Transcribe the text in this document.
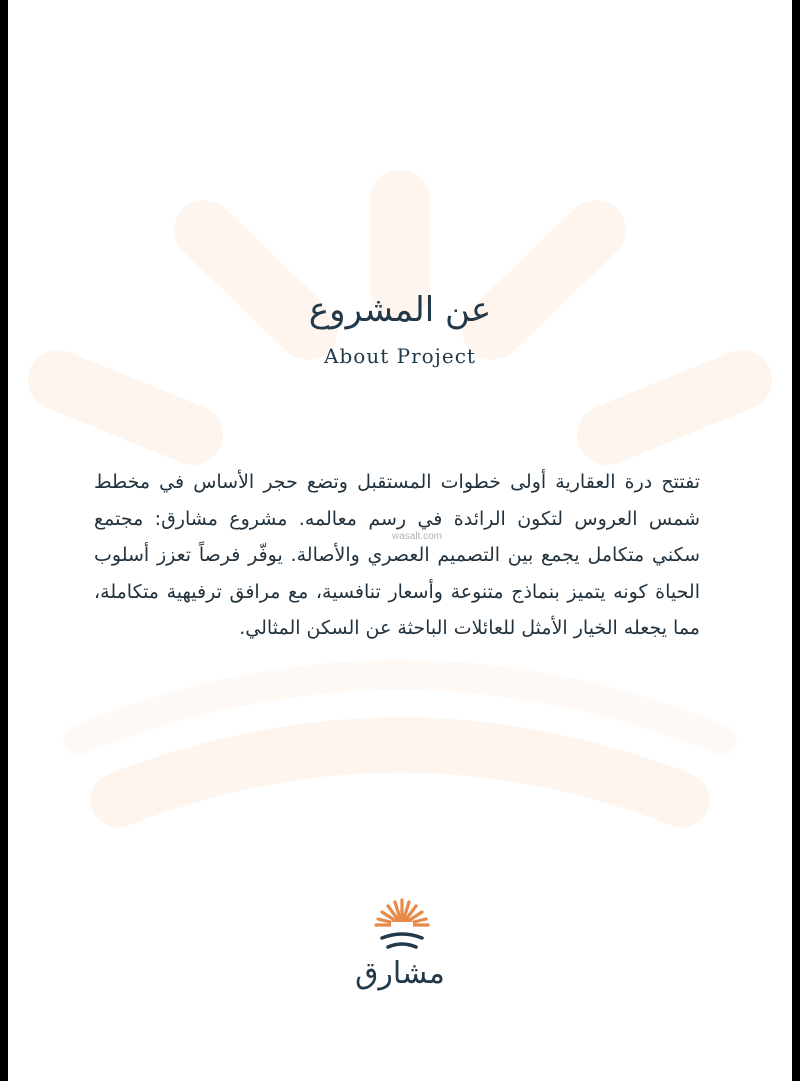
عن المشروع
About Project
تفتتح درة العقارية أولى خطوات المستقبل وتضع حجر الأساس في مخطط شمس العروس لتكون الرائدة في رسم معالمه. مشروع مشارق: مجتمع سكني متكامل يجمع بين التصميم العصري والأصالة. يوفّر فرصاً تعزز أسلوب الحياة كونه يتميز بنماذج متنوعة وأسعار تنافسية، مع مرافق ترفيهية متكاملة، مما يجعله الخيار الأمثل للعائلات الباحثة عن السكن المثالي.
wasalt.com
مشارق
